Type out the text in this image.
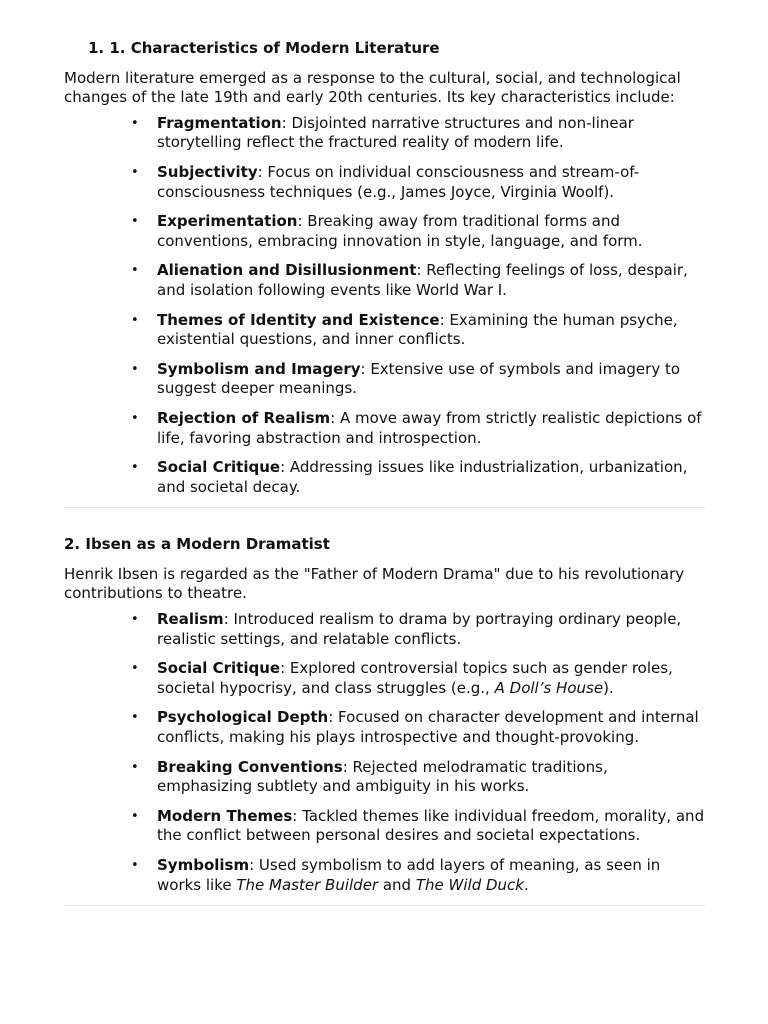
1. 1. Characteristics of Modern Literature

Modern literature emerged as a response to the cultural, social, and technological changes of the late 19th and early 20th centuries. Its key characteristics include:

• Fragmentation: Disjointed narrative structures and non-linear storytelling reflect the fractured reality of modern life.
• Subjectivity: Focus on individual consciousness and stream-of-consciousness techniques (e.g., James Joyce, Virginia Woolf).
• Experimentation: Breaking away from traditional forms and conventions, embracing innovation in style, language, and form.
• Alienation and Disillusionment: Reflecting feelings of loss, despair, and isolation following events like World War I.
• Themes of Identity and Existence: Examining the human psyche, existential questions, and inner conflicts.
• Symbolism and Imagery: Extensive use of symbols and imagery to suggest deeper meanings.
• Rejection of Realism: A move away from strictly realistic depictions of life, favoring abstraction and introspection.
• Social Critique: Addressing issues like industrialization, urbanization, and societal decay.
2. Ibsen as a Modern Dramatist

Henrik Ibsen is regarded as the "Father of Modern Drama" due to his revolutionary contributions to theatre.

• Realism: Introduced realism to drama by portraying ordinary people, realistic settings, and relatable conflicts.
• Social Critique: Explored controversial topics such as gender roles, societal hypocrisy, and class struggles (e.g., A Doll’s House).
• Psychological Depth: Focused on character development and internal conflicts, making his plays introspective and thought-provoking.
• Breaking Conventions: Rejected melodramatic traditions, emphasizing subtlety and ambiguity in his works.
• Modern Themes: Tackled themes like individual freedom, morality, and the conflict between personal desires and societal expectations.
• Symbolism: Used symbolism to add layers of meaning, as seen in works like The Master Builder and The Wild Duck.
